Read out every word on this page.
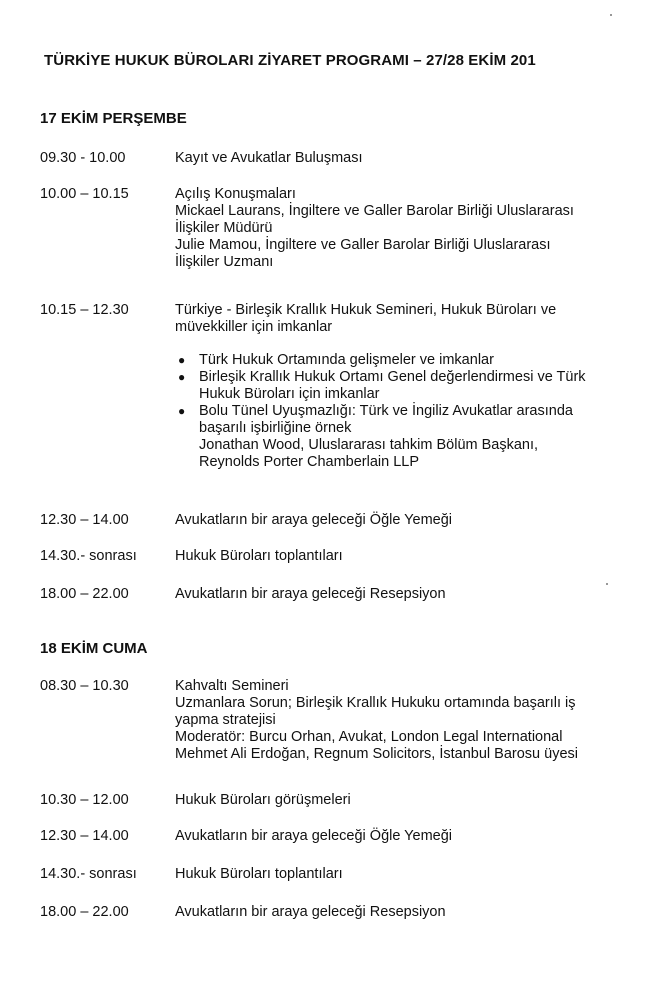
TÜRKİYE HUKUK BÜROLARI ZİYARET PROGRAMI – 27/28 EKİM 201
17 EKİM PERŞEMBE
09.30 - 10.00	Kayıt ve Avukatlar Buluşması
10.00 – 10.15	Açılış Konuşmaları
Mickael Laurans, İngiltere ve Galler Barolar Birliği Uluslararası
İlişkiler Müdürü
Julie Mamou, İngiltere ve Galler Barolar Birliği Uluslararası
İlişkiler Uzmanı
10.15 – 12.30	Türkiye - Birleşik Krallık Hukuk Semineri, Hukuk Büroları ve
müvekkiller için imkanlar
● Türk Hukuk Ortamında gelişmeler ve imkanlar
● Birleşik Krallık Hukuk Ortamı Genel değerlendirmesi ve Türk
Hukuk Büroları için imkanlar
● Bolu Tünel Uyuşmazlığı: Türk ve İngiliz Avukatlar arasında
başarılı işbirliğine örnek
Jonathan Wood, Uluslararası tahkim Bölüm Başkanı,
Reynolds Porter Chamberlain LLP
12.30 – 14.00	Avukatların bir araya geleceği Öğle Yemeği
14.30.- sonrası	Hukuk Büroları toplantıları
18.00 – 22.00	Avukatların bir araya geleceği Resepsiyon
18 EKİM CUMA
08.30 – 10.30	Kahvaltı Semineri
Uzmanlara Sorun; Birleşik Krallık Hukuku ortamında başarılı iş
yapma stratejisi
Moderatör: Burcu Orhan, Avukat, London Legal International
Mehmet Ali Erdoğan, Regnum Solicitors, İstanbul Barosu üyesi
10.30 – 12.00	Hukuk Büroları görüşmeleri
12.30 – 14.00	Avukatların bir araya geleceği Öğle Yemeği
14.30.- sonrası	Hukuk Büroları toplantıları
18.00 – 22.00	Avukatların bir araya geleceği Resepsiyon
